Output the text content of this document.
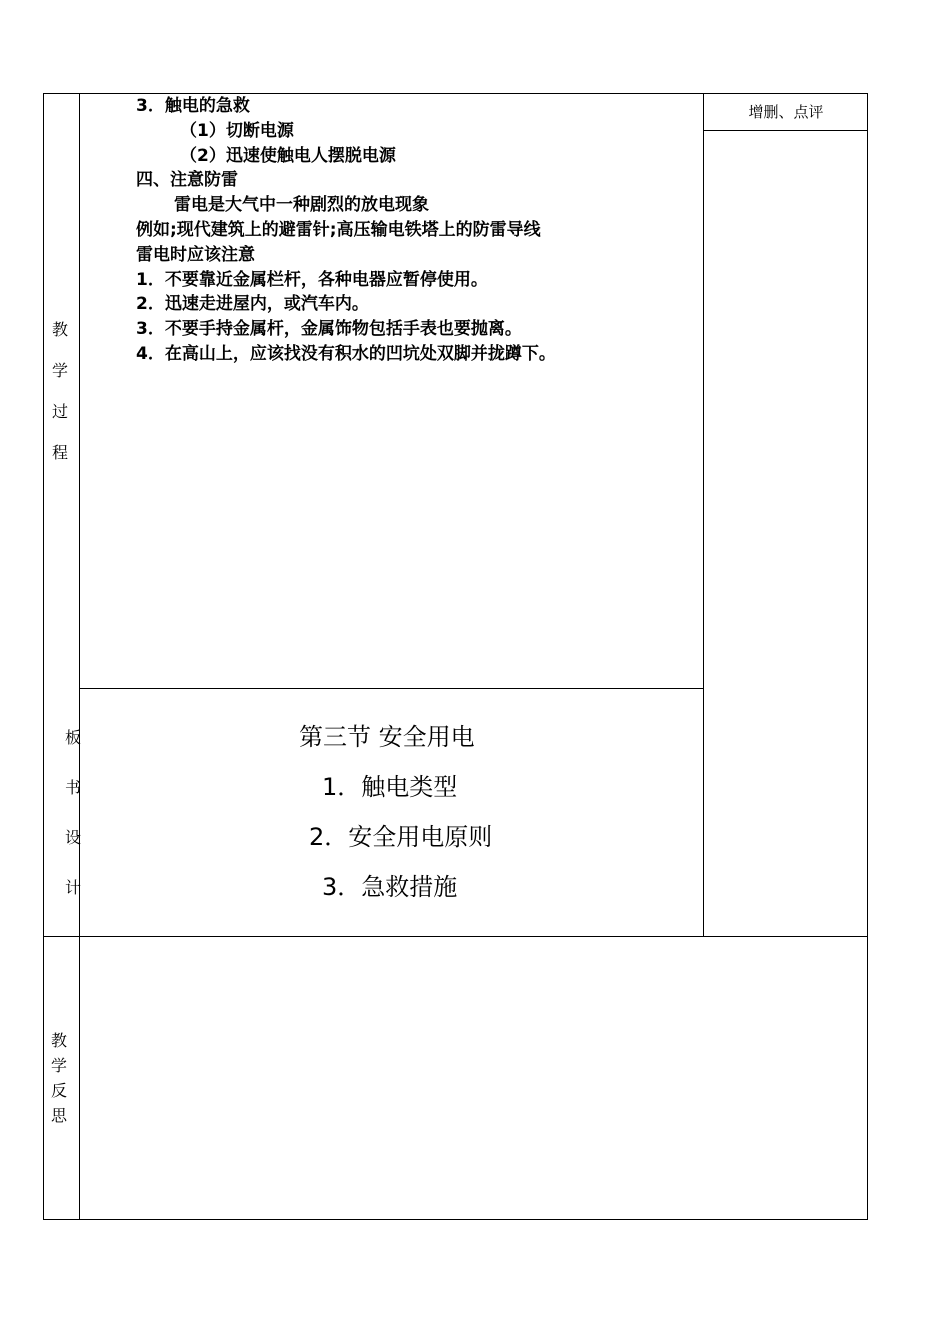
教
学
过
程
板
书
设
计
教
学
反
思
增删、点评
3．触电的急救
（1）切断电源
（2）迅速使触电人摆脱电源
四、注意防雷
雷电是大气中一种剧烈的放电现象
例如;现代建筑上的避雷针;高压输电铁塔上的防雷导线
雷电时应该注意
1．不要靠近金属栏杆，各种电器应暂停使用。
2．迅速走进屋内，或汽车内。
3．不要手持金属杆，金属饰物包括手表也要抛离。
4．在高山上，应该找没有积水的凹坑处双脚并拢蹲下。
第三节 安全用电
1．触电类型
2．安全用电原则
3．急救措施
